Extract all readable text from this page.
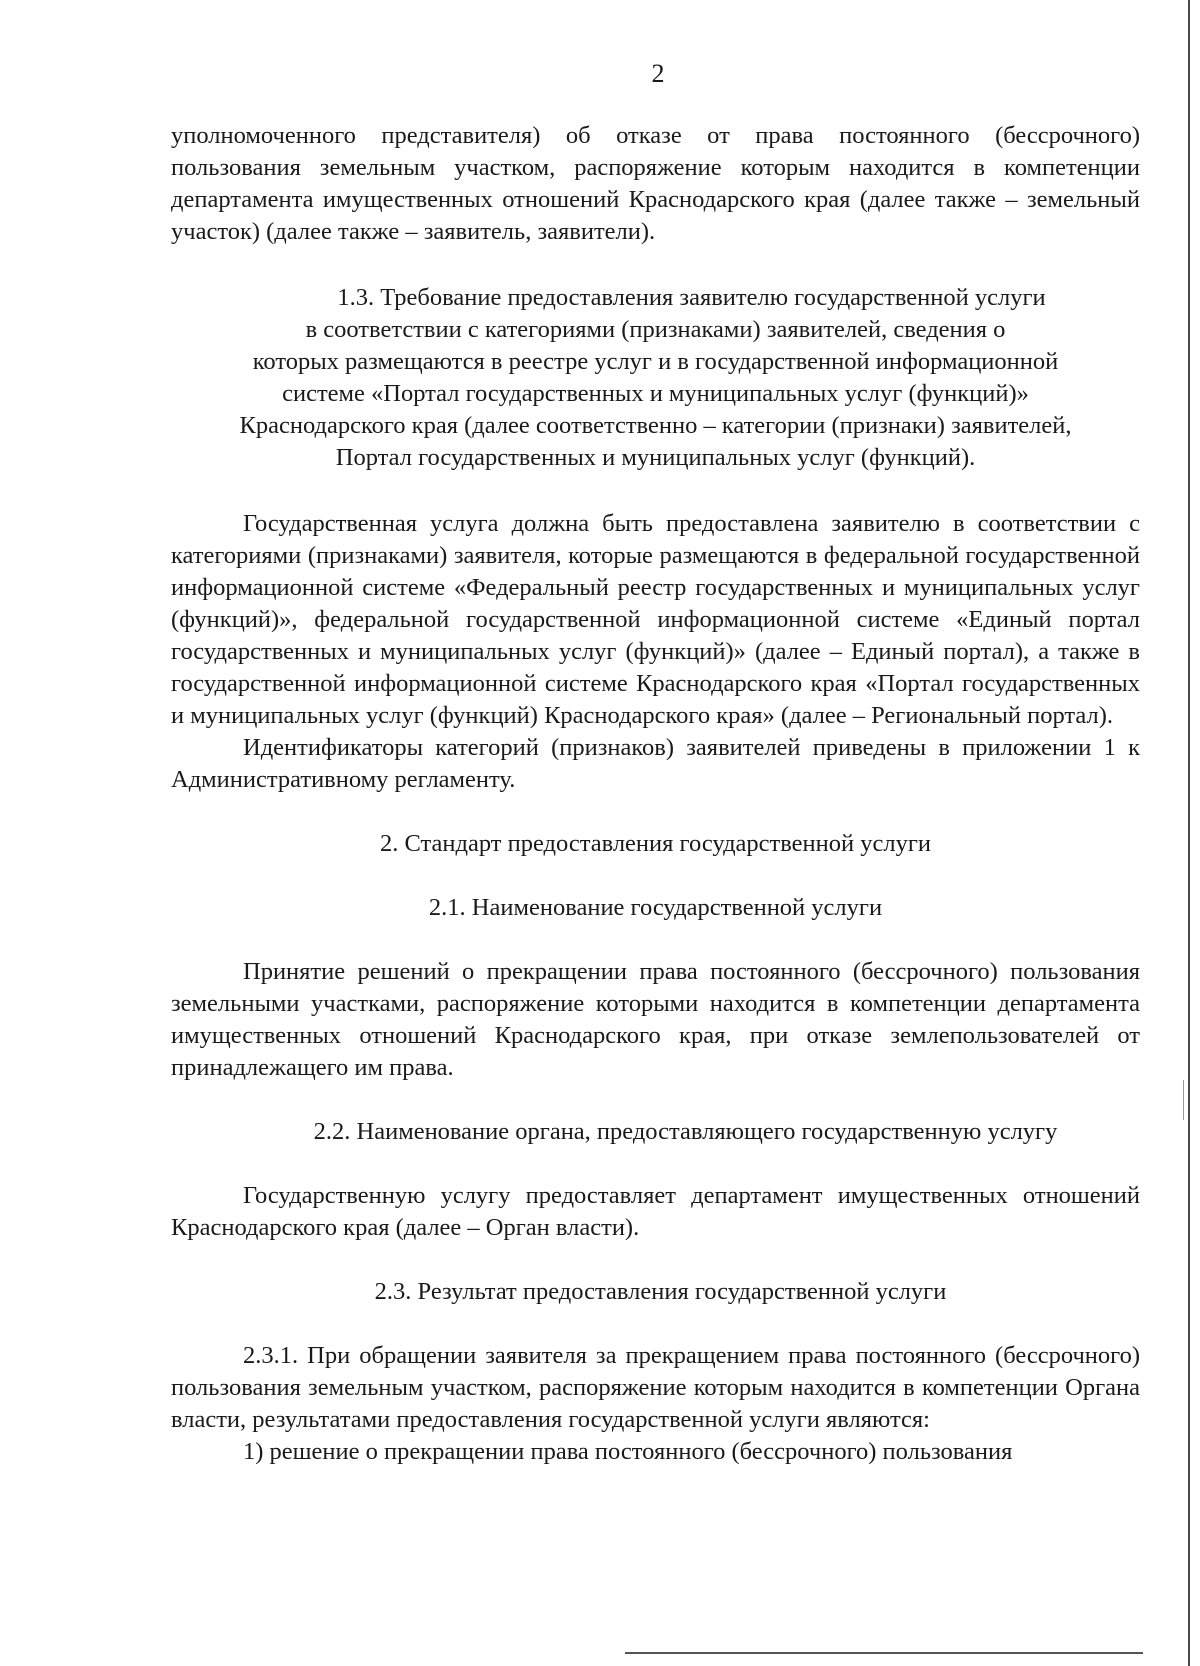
2

уполномоченного представителя) об отказе от права постоянного (бессрочного) пользования земельным участком, распоряжение которым находится в компетенции департамента имущественных отношений Краснодарского края (далее также – земельный участок) (далее также – заявитель, заявители).

1.3. Требование предоставления заявителю государственной услуги

в соответствии с категориями (признаками) заявителей, сведения о

которых размещаются в реестре услуг и в государственной информационной

системе «Портал государственных и муниципальных услуг (функций)»

Краснодарского края (далее соответственно – категории (признаки) заявителей,

Портал государственных и муниципальных услуг (функций).

Государственная услуга должна быть предоставлена заявителю в соответствии с категориями (признаками) заявителя, которые размещаются в федеральной государственной информационной системе «Федеральный реестр государственных и муниципальных услуг (функций)», федеральной государственной информационной системе «Единый портал государственных и муниципальных услуг (функций)» (далее – Единый портал), а также в государственной информационной системе Краснодарского края «Портал государственных и муниципальных услуг (функций) Краснодарского края» (далее – Региональный портал).

Идентификаторы категорий (признаков) заявителей приведены в приложении 1 к Административному регламенту.

2. Стандарт предоставления государственной услуги

2.1. Наименование государственной услуги

Принятие решений о прекращении права постоянного (бессрочного) пользования земельными участками, распоряжение которыми находится в компетенции департамента имущественных отношений Краснодарского края, при отказе землепользователей от принадлежащего им права.

2.2. Наименование органа, предоставляющего государственную услугу

Государственную услугу предоставляет департамент имущественных отношений Краснодарского края (далее – Орган власти).

2.3. Результат предоставления государственной услуги

2.3.1. При обращении заявителя за прекращением права постоянного (бессрочного) пользования земельным участком, распоряжение которым находится в компетенции Органа власти, результатами предоставления государственной услуги являются:

1) решение о прекращении права постоянного (бессрочного) пользования
